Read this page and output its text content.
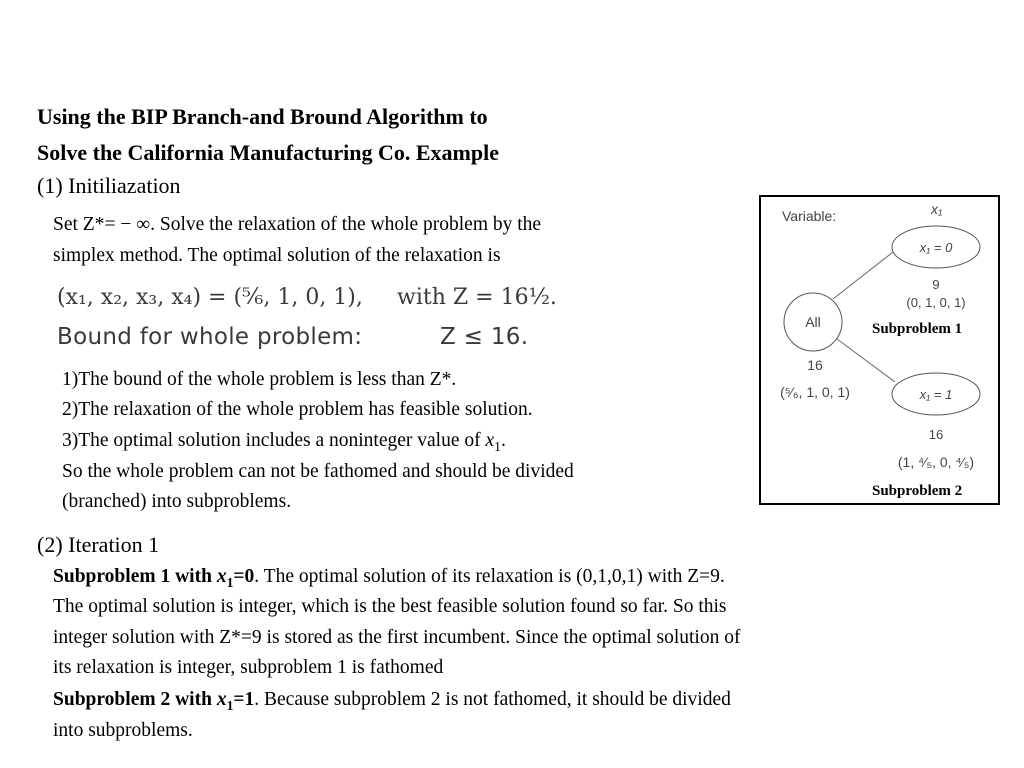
Using the BIP Branch-and Bround Algorithm to
Solve the California Manufacturing Co. Example
(1) Initiliazation
Set Z*= − ∞. Solve the relaxation of the whole problem by the
simplex method. The optimal solution of the relaxation is
(x₁, x₂, x₃, x₄) = (⁵⁄₆, 1, 0, 1), with Z = 16½.
Bound for whole problem:	Z ≤ 16.
1)The bound of the whole problem is less than Z*.
2)The relaxation of the whole problem has feasible solution.
3)The optimal solution includes a noninteger value of $x_1$.
So the whole problem can not be fathomed and should be divided
(branched) into subproblems.
(2) Iteration 1
Subproblem 1 with $x_1=0$. The optimal solution of its relaxation is (0,1,0,1) with Z=9.
The optimal solution is integer, which is the best feasible solution found so far. So this
integer solution with Z*=9 is stored as the first incumbent. Since the optimal solution of
its relaxation is integer, subproblem 1 is fathomed
Subproblem 2 with $x_1=1$. Because subproblem 2 is not fathomed, it should be divided
into subproblems.
Variable:	x₁
All
16
(⁵⁄₆, 1, 0, 1)
x₁ = 0
9
(0, 1, 0, 1)
x₁ = 1
16
(1, ⁴⁄₅, 0, ⁴⁄₅)
Subproblem 1
Subproblem 2
